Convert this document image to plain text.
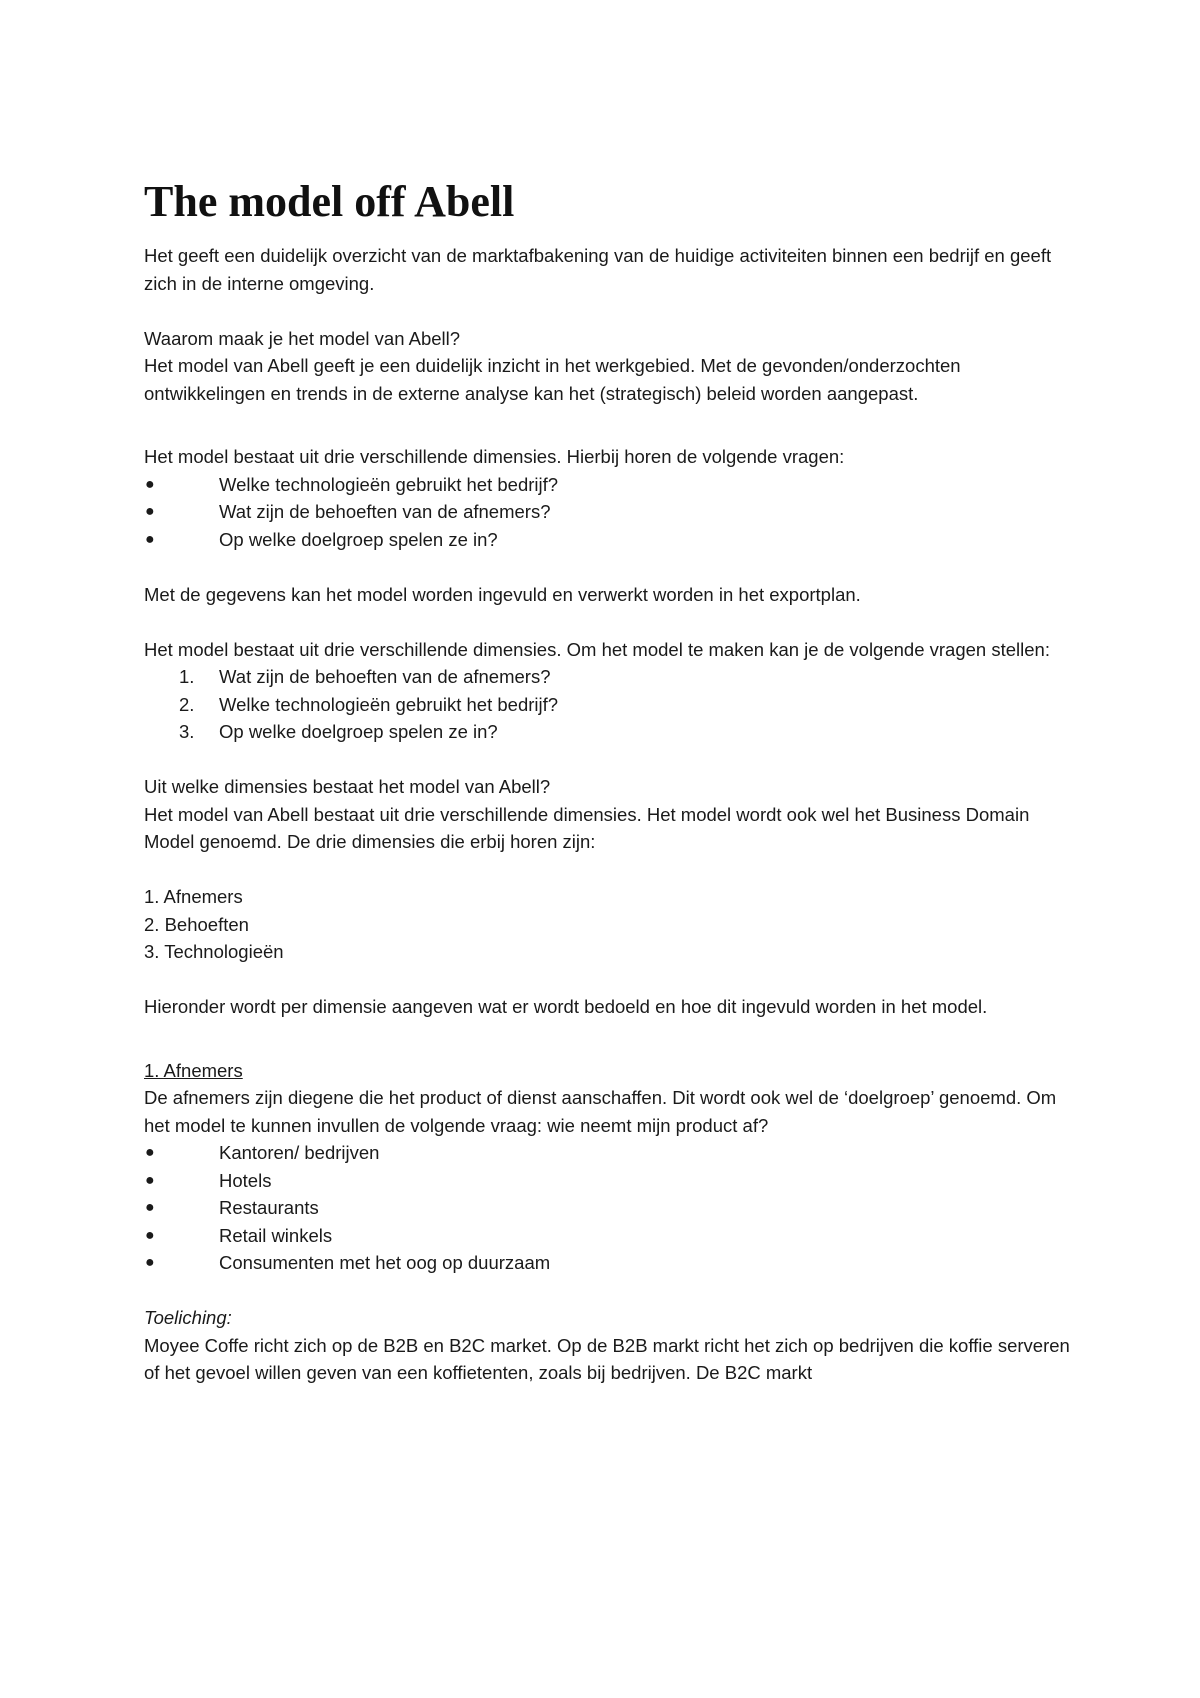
The model off Abell

Het geeft een duidelijk overzicht van de marktafbakening van de huidige activiteiten binnen een bedrijf en geeft zich in de interne omgeving.

Waarom maak je het model van Abell?

Het model van Abell geeft je een duidelijk inzicht in het werkgebied. Met de gevonden/onderzochten ontwikkelingen en trends in de externe analyse kan het (strategisch) beleid worden aangepast.

Het model bestaat uit drie verschillende dimensies. Hierbij horen de volgende vragen:

●	Welke technologieën gebruikt het bedrijf?
●	Wat zijn de behoeften van de afnemers?
●	Op welke doelgroep spelen ze in?

Met de gegevens kan het model worden ingevuld en verwerkt worden in het exportplan.

Het model bestaat uit drie verschillende dimensies. Om het model te maken kan je de volgende vragen stellen:

1. Wat zijn de behoeften van de afnemers?
2. Welke technologieën gebruikt het bedrijf?
3. Op welke doelgroep spelen ze in?

Uit welke dimensies bestaat het model van Abell?

Het model van Abell bestaat uit drie verschillende dimensies. Het model wordt ook wel het Business Domain Model genoemd. De drie dimensies die erbij horen zijn:

1. Afnemers

2. Behoeften

3. Technologieën

Hieronder wordt per dimensie aangeven wat er wordt bedoeld en hoe dit ingevuld worden in het model.

1. Afnemers

De afnemers zijn diegene die het product of dienst aanschaffen. Dit wordt ook wel de ‘doelgroep’ genoemd. Om het model te kunnen invullen de volgende vraag: wie neemt mijn product af?

●	Kantoren/ bedrijven
●	Hotels
●	Restaurants
●	Retail winkels
●	Consumenten met het oog op duurzaam

Toeliching:

Moyee Coffe richt zich op de B2B en B2C market. Op de B2B markt richt het zich op bedrijven die koffie serveren of het gevoel willen geven van een koffietenten, zoals bij bedrijven. De B2C markt
